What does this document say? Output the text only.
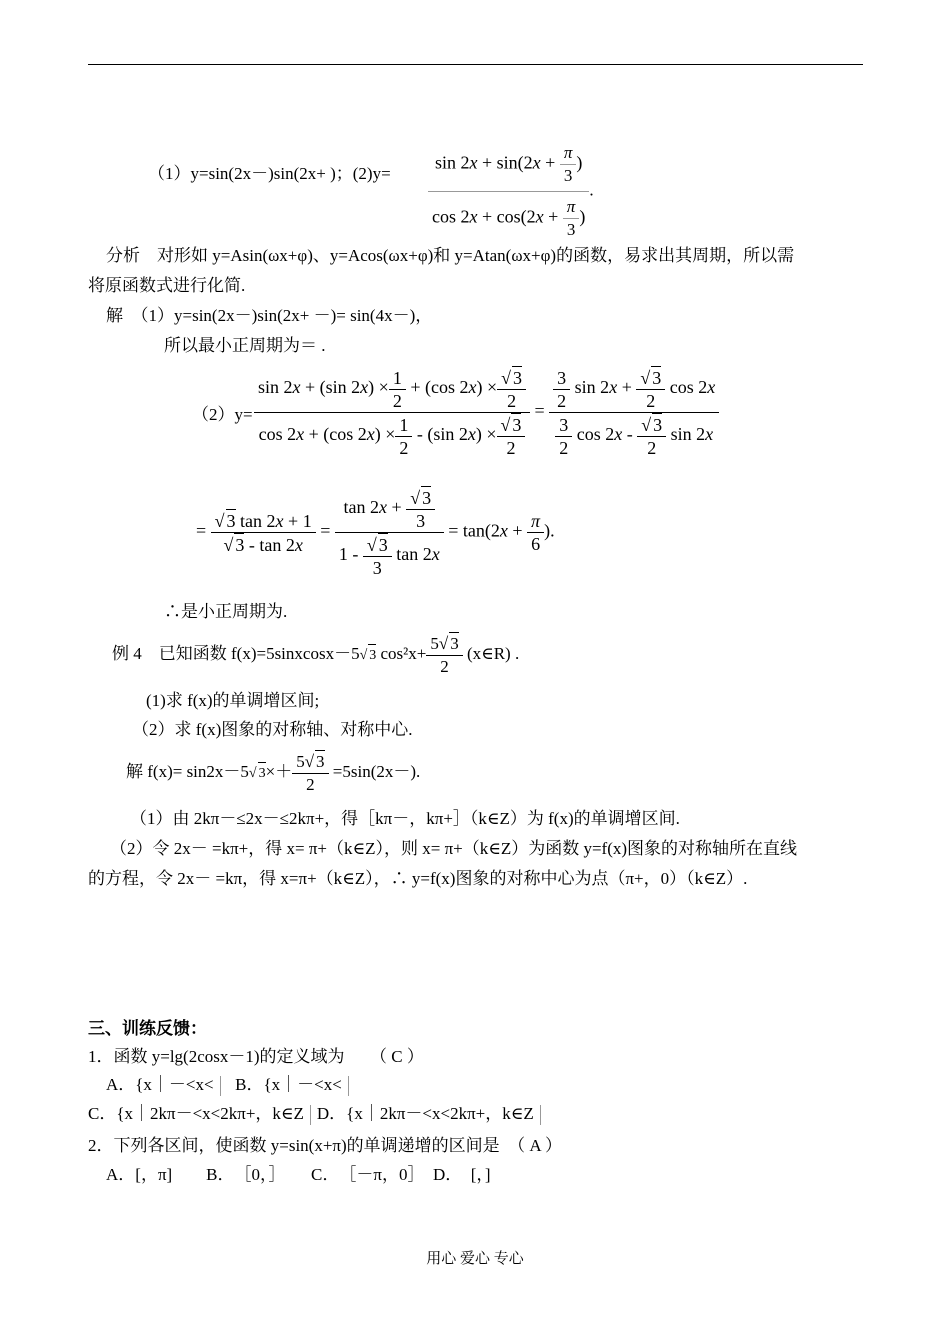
（1）y=sin(2x－)sin(2x+ )；$(2)y= \frac{\sin 2x + \sin(2x + \frac{\pi}{3} )}{\cos 2x + \cos(2x + \frac{\pi}{3} )}$ .
分析　对形如 y=Asin(ωx+φ)、y=Acos(ωx+φ)和 y=Atan(ωx+φ)的函数，易求出其周期，所以需
将原函数式进行化简.
解　（1）y=sin(2x－)sin(2x+ －)= sin(4x－)，
所以最小正周期为＝ .
$(2)y= \frac{\sin 2x + (\sin 2x) \times \frac{1}{2} + (\cos 2x) \times \frac{√ 3}{2}}{\cos 2x + (\cos 2x) \times \frac{1}{2} - (\sin 2x) \times \frac{√ 3}{2}} = \frac{\frac{3}{2} \sin 2x + \frac{√ 3}{2} \cos 2x}{\frac{3}{2} \cos 2x - \frac{√ 3}{2} \sin 2x}$
= $\frac{√ 3 \tan 2x + 1}{√ 3 - \tan 2x} = \frac{\tan 2x + \frac{√ 3}{3}}{1 - \frac{√ 3}{3} \tan 2x} = \tan(2x + \frac{\pi}{6}$ ).
∴是小正周期为.
例 4　已知函数 f(x)=5sinxcosx－5√ 3 $\cos^2x+ \frac{5√ 3}{2}$ (x∈R) .
(1)求 f(x)的单调增区间;
（2）求 f(x)图象的对称轴、对称中心.
解 f(x)= sin2x－5√ $3\times+ \frac{5√ 3}{2} =5\sin(2x-)$.
（1）由 2kπ－≤2x－≤2kπ+，得［kπ－，kπ+］（k∈Z）为 f(x)的单调增区间.
（2）令 2x－ =kπ+，得 x= π+（k∈Z），则 x= π+（k∈Z）为函数 y=f(x)图象的对称轴所在直线
的方程，令 2x－ =kπ，得 x=π+（k∈Z），∴ y=f(x)图象的对称中心为点（π+，0）（k∈Z）.
三、训练反馈：
1．函数 y=lg(2cosx－1)的定义域为　　（ C ）
A．{x｜－<x< B．{x｜－<x<
C．{x｜2kπ－<x<2kπ+，k∈Z D．{x｜2kπ－<x<2kπ+，k∈Z
2．下列各区间，使函数 y=sin(x+π)的单调递增的区间是　（ A ）
A．[，π]　　B．　［0，］　　C．　［－π，0］　D．　[，]
用心 爱心 专心
